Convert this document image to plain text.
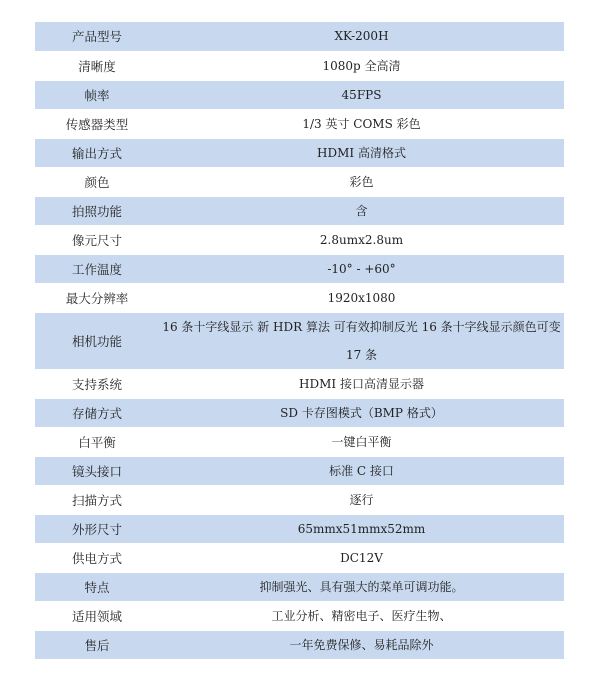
产品型号	XK-200H
清晰度	1080p 全高清
帧率	45FPS
传感器类型	1/3 英寸 COMS 彩色
输出方式	HDMI 高清格式
颜色	彩色
拍照功能	含
像元尺寸	2.8umx2.8um
工作温度	-10° - +60°
最大分辨率	1920x1080
相机功能	16 条十字线显示 新 HDR 算法 可有效抑制反光 16 条十字线显示颜色可变 17 条
支持系统	HDMI 接口高清显示器
存储方式	SD 卡存图模式（BMP 格式）
白平衡	一键白平衡
镜头接口	标准 C 接口
扫描方式	逐行
外形尺寸	65mmx51mmx52mm
供电方式	DC12V
特点	抑制强光、具有强大的菜单可调功能。
适用领域	工业分析、精密电子、医疗生物、
售后	一年免费保修、易耗品除外
